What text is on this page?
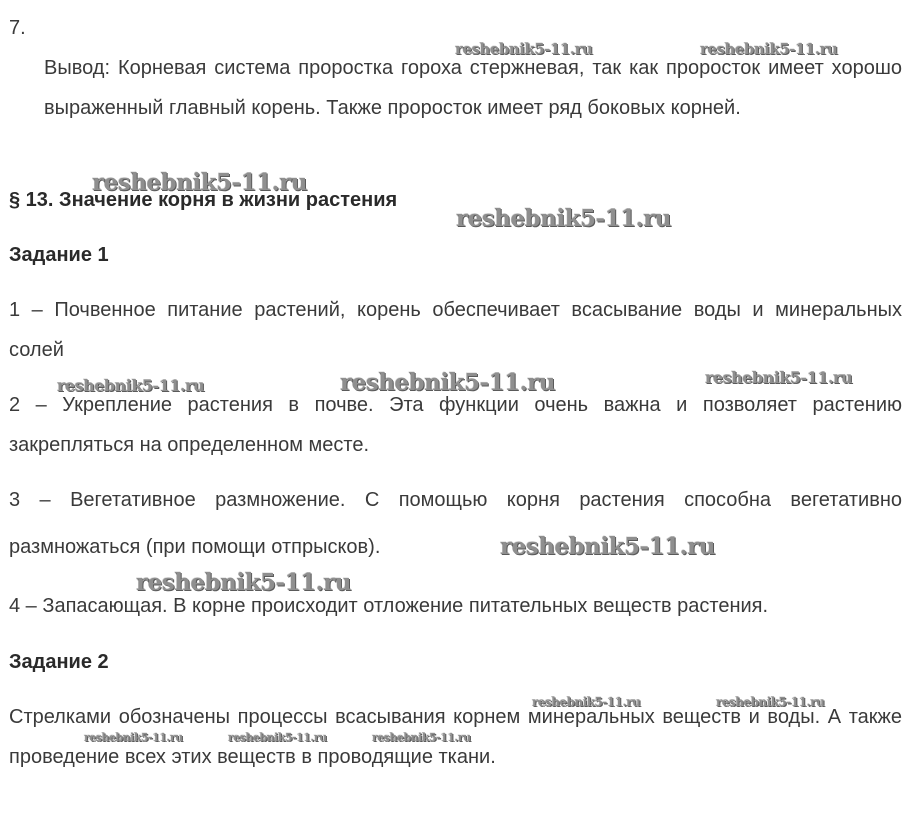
7.
Вывод: Корневая система проростка гороха стержневая, так как проросток имеет хорошо выраженный главный корень. Также проросток имеет ряд боковых корней.
§ 13. Значение корня в жизни растения
Задание 1
1 – Почвенное питание растений, корень обеспечивает всасывание воды и минеральных солей
2 – Укрепление растения в почве. Эта функции очень важна и позволяет растению закрепляться на определенном месте.
3 – Вегетативное размножение. С помощью корня растения способна вегетативно
размножаться (при помощи отпрысков).
4 – Запасающая. В корне происходит отложение питательных веществ растения.
Задание 2
Стрелками обозначены процессы всасывания корнем минеральных веществ и воды. А также проведение всех этих веществ в проводящие ткани.
reshebnik5-11.ru	reshebnik5-11.ru
reshebnik5-11.ru
reshebnik5-11.ru
reshebnik5-11.ru	reshebnik5-11.ru	reshebnik5-11.ru
reshebnik5-11.ru
reshebnik5-11.ru
reshebnik5-11.ru	reshebnik5-11.ru
reshebnik5-11.ru	reshebnik5-11.ru	reshebnik5-11.ru
